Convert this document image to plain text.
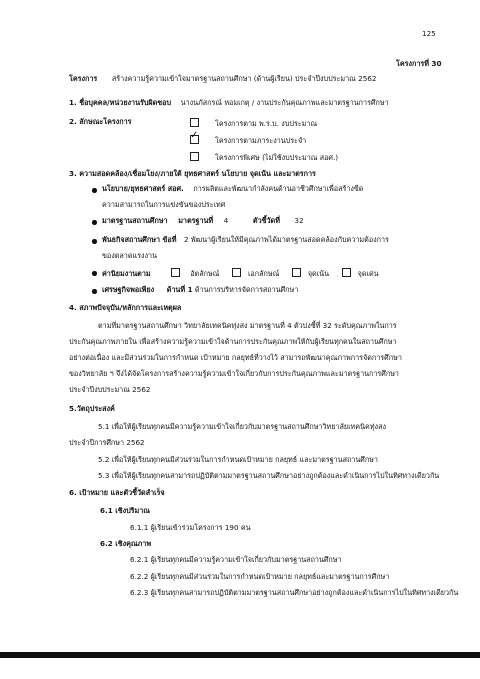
125
โครงการที่ 30
โครงการ สร้างความรู้ความเข้าใจมาตรฐานสถานศึกษา (ด้านผู้เรียน) ประจำปีงบประมาณ 2562
1. ชื่อบุคคล/หน่วยงานรับผิดชอบ นางนภัสกรณ์ หอมเกตุ / งานประกันคุณภาพและมาตรฐานการศึกษา
2. ลักษณะโครงการ	โครงการตาม พ.ร.บ. งบประมาณ
✓โครงการตามภาระงานประจำ
โครงการพิเศษ (ไม่ใช้งบประมาณ สอศ.)
3. ความสอดคล้อง/เชื่อมโยง/ภายใต้ ยุทธศาสตร์ นโยบาย จุดเน้น และมาตรการ
นโยบาย/ยุทธศาสตร์ สอศ. การผลิตและพัฒนากำลังคนด้านอาชีวศึกษาเพื่อสร้างขีด
ความสามารถในการแข่งขันของประเทศ
มาตรฐานสถานศึกษา มาตรฐานที่ 4	ตัวชี้วัดที่ 32
พันธกิจสถานศึกษา ข้อที่ 2 พัฒนาผู้เรียนให้มีคุณภาพได้มาตรฐานสอดคล้องกับความต้องการ
ของตลาดแรงงาน
ค่านิยมงานตาม	อัตลักษณ์	เอกลักษณ์	จุดเน้น	จุดเด่น
เศรษฐกิจพอเพียง ด้านที่ 1 ด้านการบริหารจัดการสถานศึกษา
4. สภาพปัจจุบัน/หลักการและเหตุผล
ตามที่มาตรฐานสถานศึกษา วิทยาลัยเทคนิคทุ่งสง มาตรฐานที่ 4 ตัวบ่งชี้ที่ 32 ระดับคุณภาพในการ
ประกันคุณภาพภายใน เพื่อสร้างความรู้ความเข้าใจด้านการประกันคุณภาพให้กับผู้เรียนทุกคนในสถานศึกษา
อย่างต่อเนื่อง และมีส่วนร่วมในการกำหนด เป้าหมาย กลยุทธ์ที่วางไว้ สามารถพัฒนาคุณภาพการจัดการศึกษา
ของวิทยาลัย ฯ จึงได้จัดโครงการสร้างความรู้ความเข้าใจเกี่ยวกับการประกันคุณภาพและมาตรฐานการศึกษา
ประจำปีงบประมาณ 2562
5.วัตถุประสงค์
5.1 เพื่อให้ผู้เรียนทุกคนมีความรู้ความเข้าใจเกี่ยวกับมาตรฐานสถานศึกษาวิทยาลัยเทคนิคทุ่งสง
ประจำปีการศึกษา 2562
5.2 เพื่อให้ผู้เรียนทุกคนมีส่วนร่วมในการกำหนดเป้าหมาย กลยุทธ์ และมาตรฐานสถานศึกษา
5.3 เพื่อให้ผู้เรียนทุกคนสามารถปฏิบัติตามมาตรฐานสถานศึกษาอย่างถูกต้องและดำเนินการไปในทิศทางเดียวกัน
6. เป้าหมาย และตัวชี้วัดสำเร็จ
6.1 เชิงปริมาณ
6.1.1 ผู้เรียนเข้าร่วมโครงการ 190 คน
6.2 เชิงคุณภาพ
6.2.1 ผู้เรียนทุกคนมีความรู้ความเข้าใจเกี่ยวกับมาตรฐานสถานศึกษา
6.2.2 ผู้เรียนทุกคนมีส่วนร่วมในการกำหนดเป้าหมาย กลยุทธ์และมาตรฐานการศึกษา
6.2.3 ผู้เรียนทุกคนสามารถปฏิบัติตามมาตรฐานสถานศึกษาอย่างถูกต้องและดำเนินการไปในทิศทางเดียวกัน
